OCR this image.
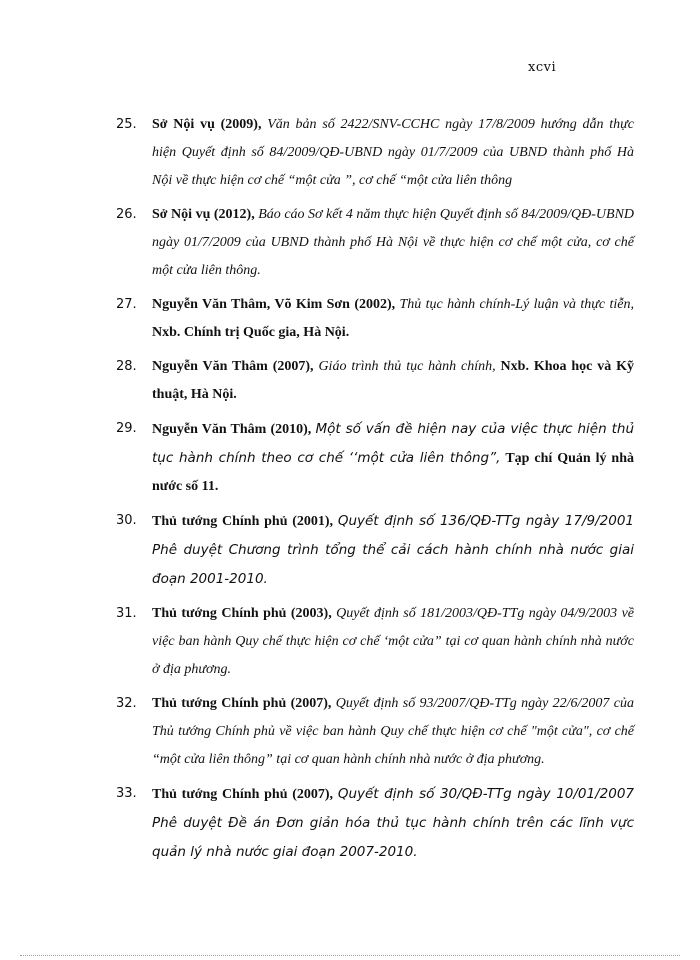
xcvi
25. Sở Nội vụ (2009), Văn bản số 2422/SNV-CCHC ngày 17/8/2009 hướng dẫn thực hiện Quyết định số 84/2009/QĐ-UBND ngày 01/7/2009 của UBND thành phố Hà Nội về thực hiện cơ chế “một cửa ”, cơ chế “một cửa liên thông
26. Sở Nội vụ (2012), Báo cáo Sơ kết 4 năm thực hiện Quyết định số 84/2009/QĐ-UBND ngày 01/7/2009 của UBND thành phố Hà Nội về thực hiện cơ chế một cửa, cơ chế một cửa liên thông.
27. Nguyễn Văn Thâm, Võ Kim Sơn (2002), Thủ tục hành chính-Lý luận và thực tiễn, Nxb. Chính trị Quốc gia, Hà Nội.
28. Nguyễn Văn Thâm (2007), Giáo trình thủ tục hành chính, Nxb. Khoa học và Kỹ thuật, Hà Nội.
29. Nguyễn Văn Thâm (2010), Một số vấn đề hiện nay của việc thực hiện thủ tục hành chính theo cơ chế ‘‘một cửa liên thông”, Tạp chí Quản lý nhà nước số 11.
30. Thủ tướng Chính phủ (2001), Quyết định số 136/QĐ-TTg ngày 17/9/2001 Phê duyệt Chương trình tổng thể cải cách hành chính nhà nước giai đoạn 2001-2010.
31. Thủ tướng Chính phủ (2003), Quyết định số 181/2003/QĐ-TTg ngày 04/9/2003 về việc ban hành Quy chế thực hiện cơ chế ‘một cửa” tại cơ quan hành chính nhà nước ở địa phương.
32. Thủ tướng Chính phủ (2007), Quyết định số 93/2007/QĐ-TTg ngày 22/6/2007 của Thủ tướng Chính phủ về việc ban hành Quy chế thực hiện cơ chế "một cửa", cơ chế “một cửa liên thông” tại cơ quan hành chính nhà nước ở địa phương.
33. Thủ tướng Chính phủ (2007), Quyết định số 30/QĐ-TTg ngày 10/01/2007 Phê duyệt Đề án Đơn giản hóa thủ tục hành chính trên các lĩnh vực quản lý nhà nước giai đoạn 2007-2010.
